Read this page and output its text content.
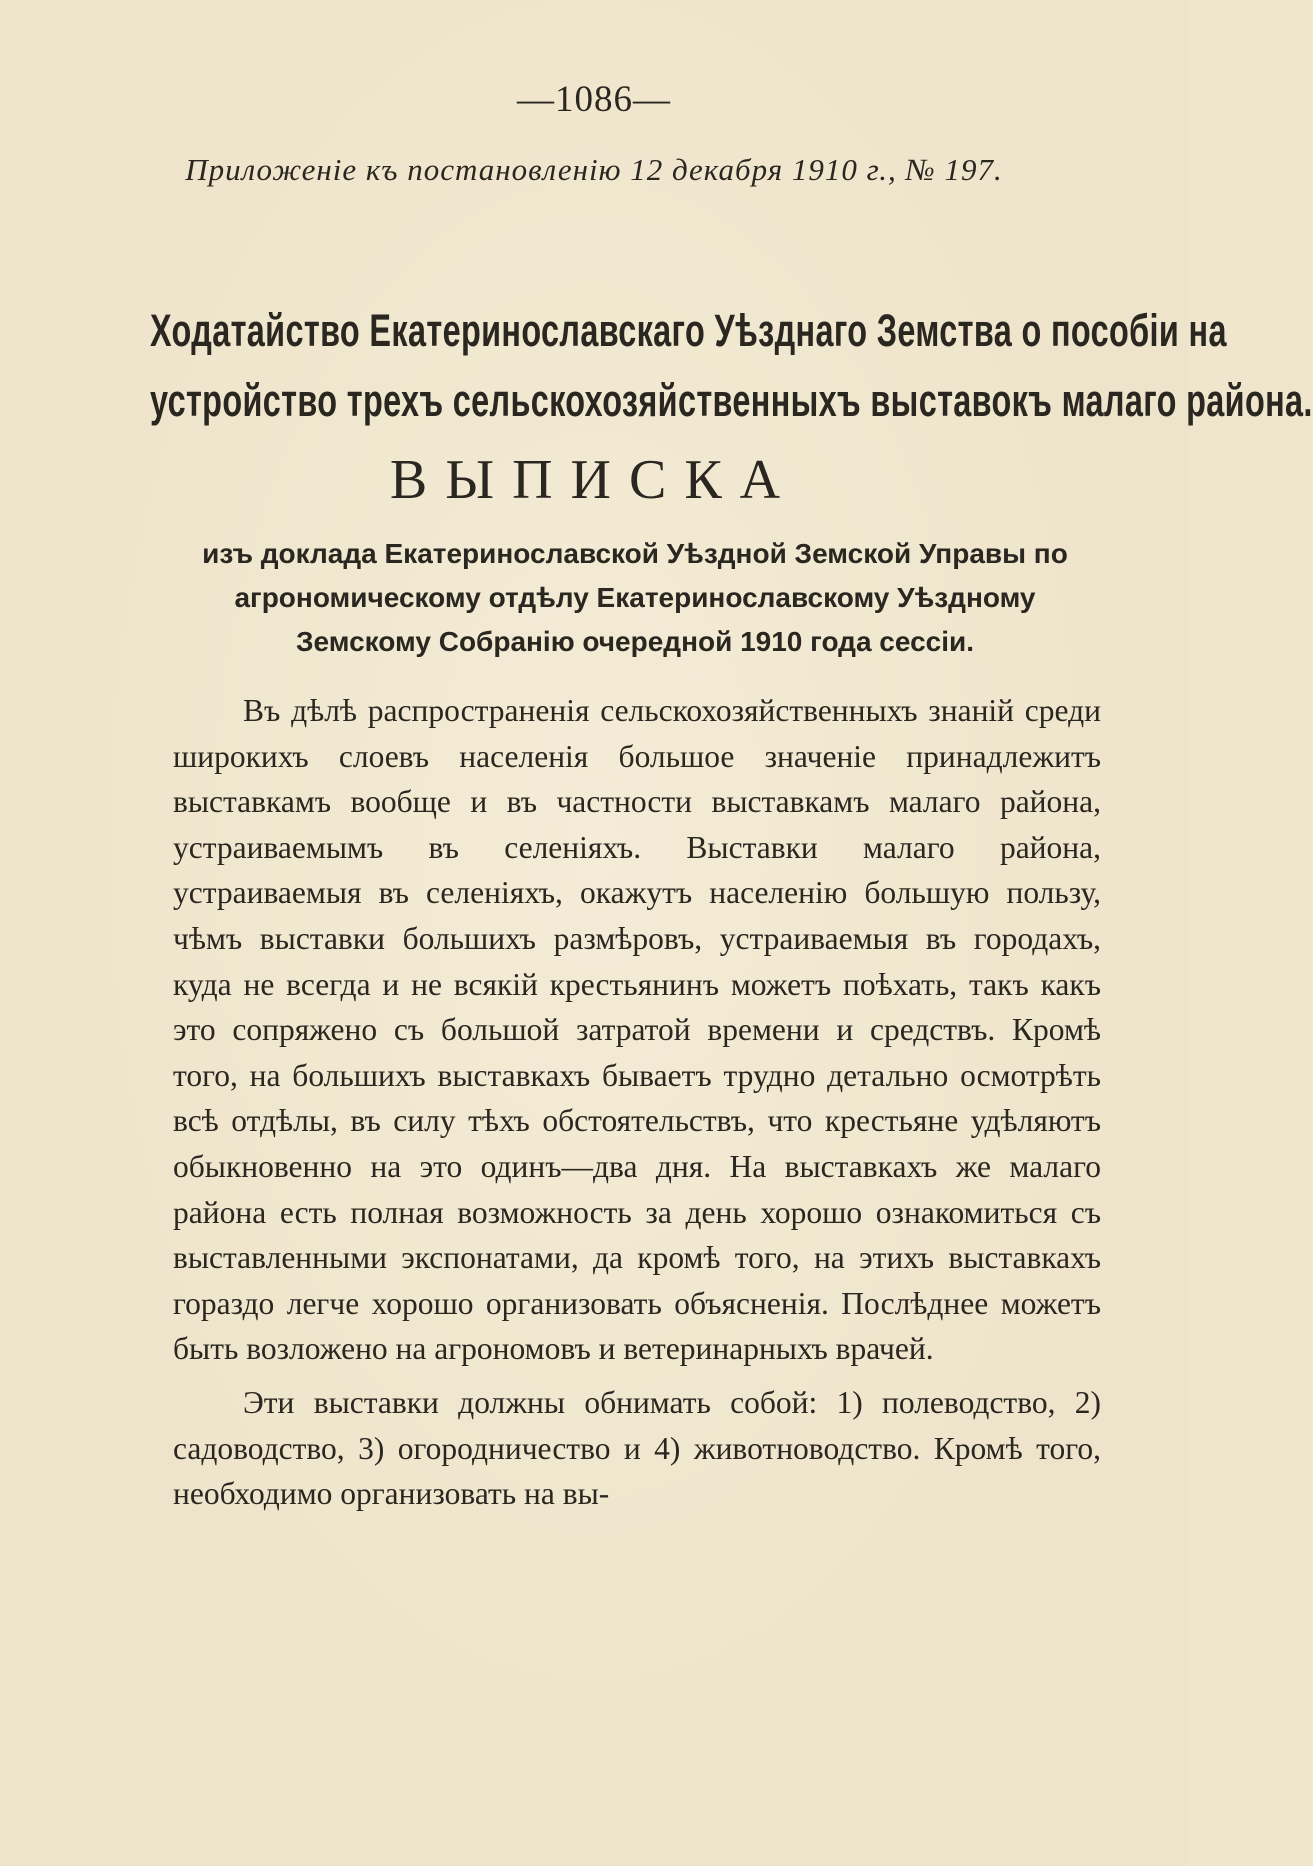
—1086—
Приложеніе къ постановленію 12 декабря 1910 г., № 197.
Ходатайство Екатеринославскаго Уѣзднаго Земства о пособіи на
устройство трехъ сельскохозяйственныхъ выставокъ малаго района.
ВЫПИСКА
изъ доклада Екатеринославской Уѣздной Земской Управы по агрономическому отдѣлу Екатеринославскому Уѣздному Земскому Собранію очередной 1910 года сессіи.

Въ дѣлѣ распространенія сельскохозяйственныхъ знаній среди широкихъ слоевъ населенія большое значеніе принадлежитъ выставкамъ вообще и въ частности выставкамъ малаго района, устраиваемымъ въ селеніяхъ. Выставки малаго района, устраиваемыя въ селеніяхъ, окажутъ населенію большую пользу, чѣмъ выставки большихъ размѣровъ, устраиваемыя въ городахъ, куда не всегда и не всякій крестьянинъ можетъ поѣхать, такъ какъ это сопряжено съ большой затратой времени и средствъ. Кромѣ того, на большихъ выставкахъ бываетъ трудно детально осмотрѣть всѣ отдѣлы, въ силу тѣхъ обстоятельствъ, что крестьяне удѣляютъ обыкновенно на это одинъ—два дня. На выставкахъ же малаго района есть полная возможность за день хорошо ознакомиться съ выставленными экспонатами, да кромѣ того, на этихъ выставкахъ гораздо легче хорошо организовать объясненія. Послѣднее можетъ быть возложено на агрономовъ и ветеринарныхъ врачей.

Эти выставки должны обнимать собой: 1) полеводство, 2) садоводство, 3) огородничество и 4) животноводство. Кромѣ того, необходимо организовать на вы-
